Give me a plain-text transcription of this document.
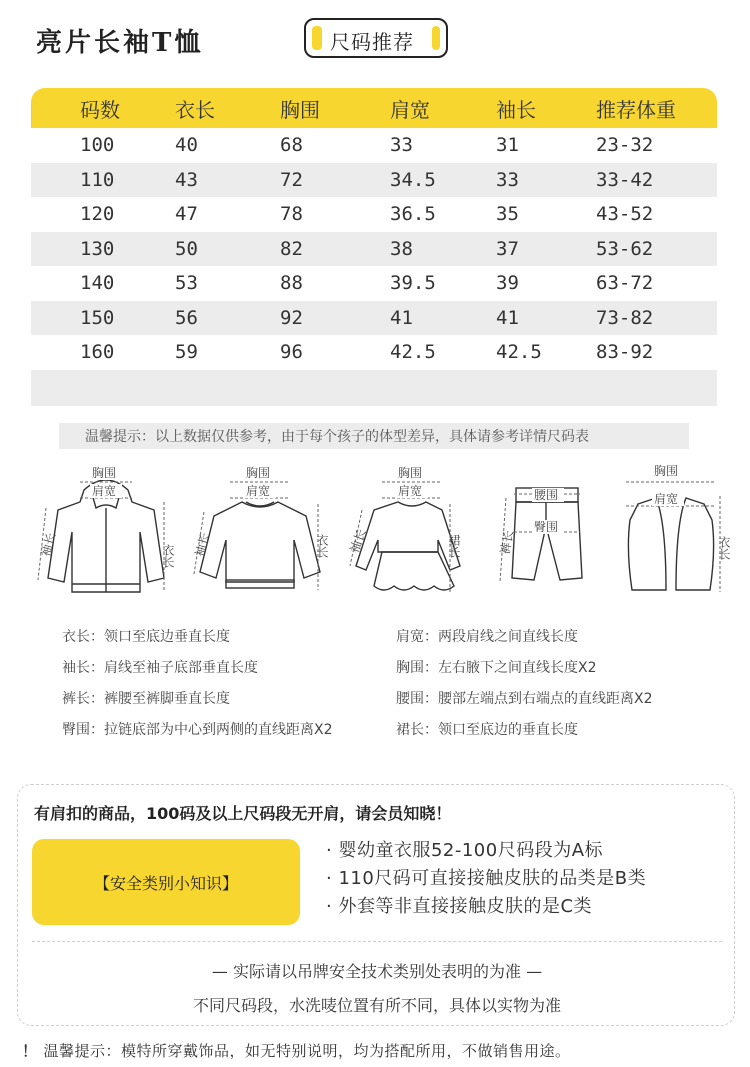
亮片长袖T恤	尺码推荐
码数	衣长	胸围	肩宽	袖长	推荐体重
100	40	68	33	31	23-32
110	43	72	34.5	33	33-42
120	47	78	36.5	35	43-52
130	50	82	38	37	53-62
140	53	88	39.5	39	63-72
150	56	92	41	41	73-82
160	59	96	42.5	42.5	83-92
温馨提示：以上数据仅供参考，由于每个孩子的体型差异，具体请参考详情尺码表
胸围
肩宽
袖长	衣长
胸围
肩宽
袖长	衣长
胸围
肩宽
袖长	裙长
腰围
臀围
裤长
胸围
肩宽
衣长
衣长：领口至底边垂直长度	肩宽：两段肩线之间直线长度
袖长：肩线至袖子底部垂直长度	胸围：左右腋下之间直线长度X2
裤长：裤腰至裤脚垂直长度	腰围：腰部左端点到右端点的直线距离X2
臀围：拉链底部为中心到两侧的直线距离X2	裙长：领口至底边的垂直长度
有肩扣的商品，100码及以上尺码段无开肩，请会员知晓！
【安全类别小知识】
· 婴幼童衣服52-100尺码段为A标
· 110尺码可直接接触皮肤的品类是B类
· 外套等非直接接触皮肤的是C类
— 实际请以吊牌安全技术类别处表明的为准 —
不同尺码段，水洗唛位置有所不同，具体以实物为准
！ 温馨提示：模特所穿戴饰品，如无特别说明，均为搭配所用，不做销售用途。
